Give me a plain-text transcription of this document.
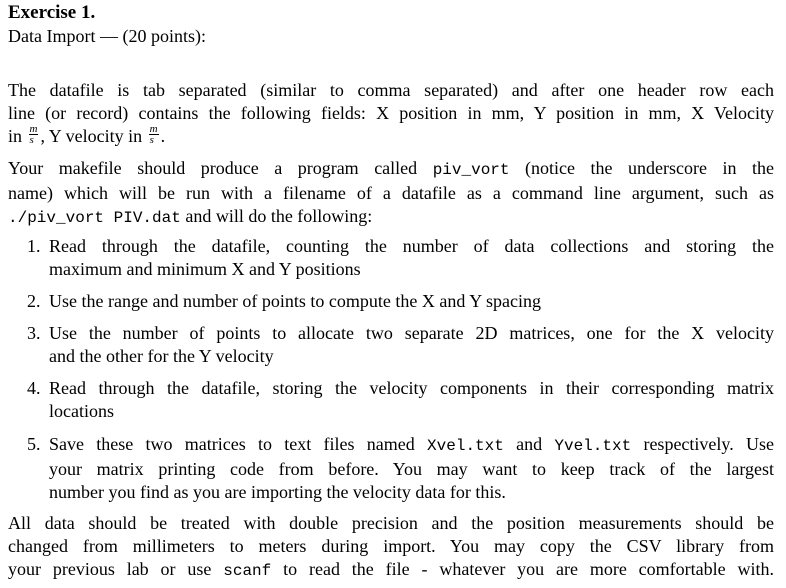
Exercise 1.
Data Import — (20 points):
The datafile is tab separated (similar to comma separated) and after one header row each
line (or record) contains the following fields: X position in mm, Y position in mm, X Velocity
in $\frac{m}{s}$ , Y velocity in $\frac{m}{s}$ .
Your makefile should produce a program called piv_vort (notice the underscore in the
name) which will be run with a filename of a datafile as a command line argument, such as
./piv_vort PIV.dat and will do the following:
1. Read through the datafile, counting the number of data collections and storing the
maximum and minimum X and Y positions
2. Use the range and number of points to compute the X and Y spacing
3. Use the number of points to allocate two separate 2D matrices, one for the X velocity
and the other for the Y velocity
4. Read through the datafile, storing the velocity components in their corresponding matrix
locations
5. Save these two matrices to text files named Xvel.txt and Yvel.txt respectively. Use
your matrix printing code from before. You may want to keep track of the largest
number you find as you are importing the velocity data for this.
All data should be treated with double precision and the position measurements should be
changed from millimeters to meters during import. You may copy the CSV library from
your previous lab or use scanf to read the file - whatever you are more comfortable with.
